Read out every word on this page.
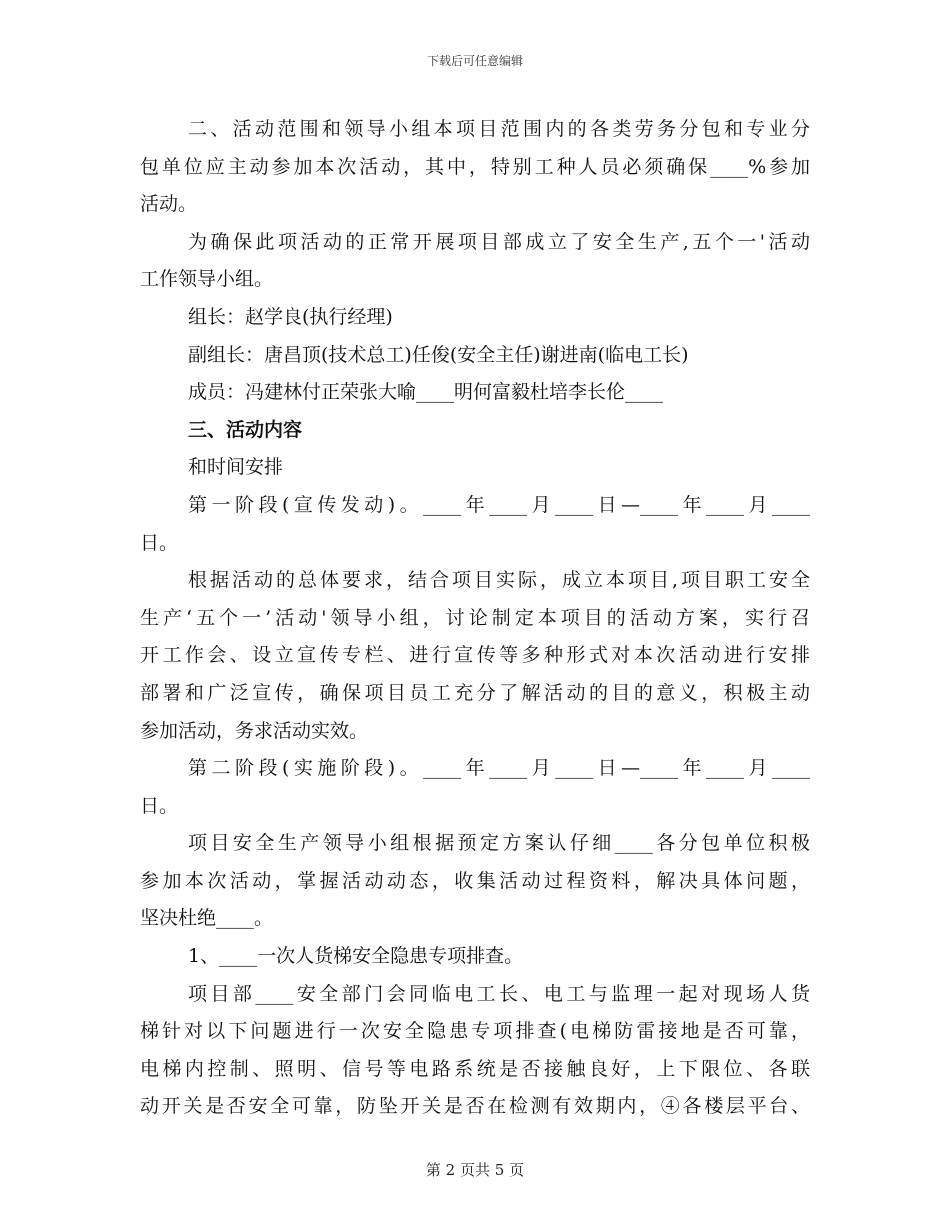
下载后可任意编辑
二、活动范围和领导小组本项目范围内的各类劳务分包和专业分
包单位应主动参加本次活动，其中，特别工种人员必须确保____%参加
活动。
为确保此项活动的正常开展项目部成立了安全生产,五个一'活动
工作领导小组。
组长：赵学良(执行经理)
副组长：唐昌顶(技术总工)任俊(安全主任)谢进南(临电工长)
成员：冯建林付正荣张大喻____明何富毅杜培李长伦____
三、活动内容
和时间安排
第一阶段(宣传发动)。____年____月____日—____年____月____
日。
根据活动的总体要求，结合项目实际，成立本项目,项目职工安全
生产‘五个一’活动'领导小组，讨论制定本项目的活动方案，实行召
开工作会、设立宣传专栏、进行宣传等多种形式对本次活动进行安排
部署和广泛宣传，确保项目员工充分了解活动的目的意义，积极主动
参加活动，务求活动实效。
第二阶段(实施阶段)。____年____月____日—____年____月____
日。
项目安全生产领导小组根据预定方案认仔细____各分包单位积极
参加本次活动，掌握活动动态，收集活动过程资料，解决具体问题，
坚决杜绝____。
1、____一次人货梯安全隐患专项排查。
项目部____安全部门会同临电工长、电工与监理一起对现场人货
梯针对以下问题进行一次安全隐患专项排查(电梯防雷接地是否可靠，
电梯内控制、照明、信号等电路系统是否接触良好，上下限位、各联
动开关是否安全可靠，防坠开关是否在检测有效期内，④各楼层平台、
第 2 页共 5 页
